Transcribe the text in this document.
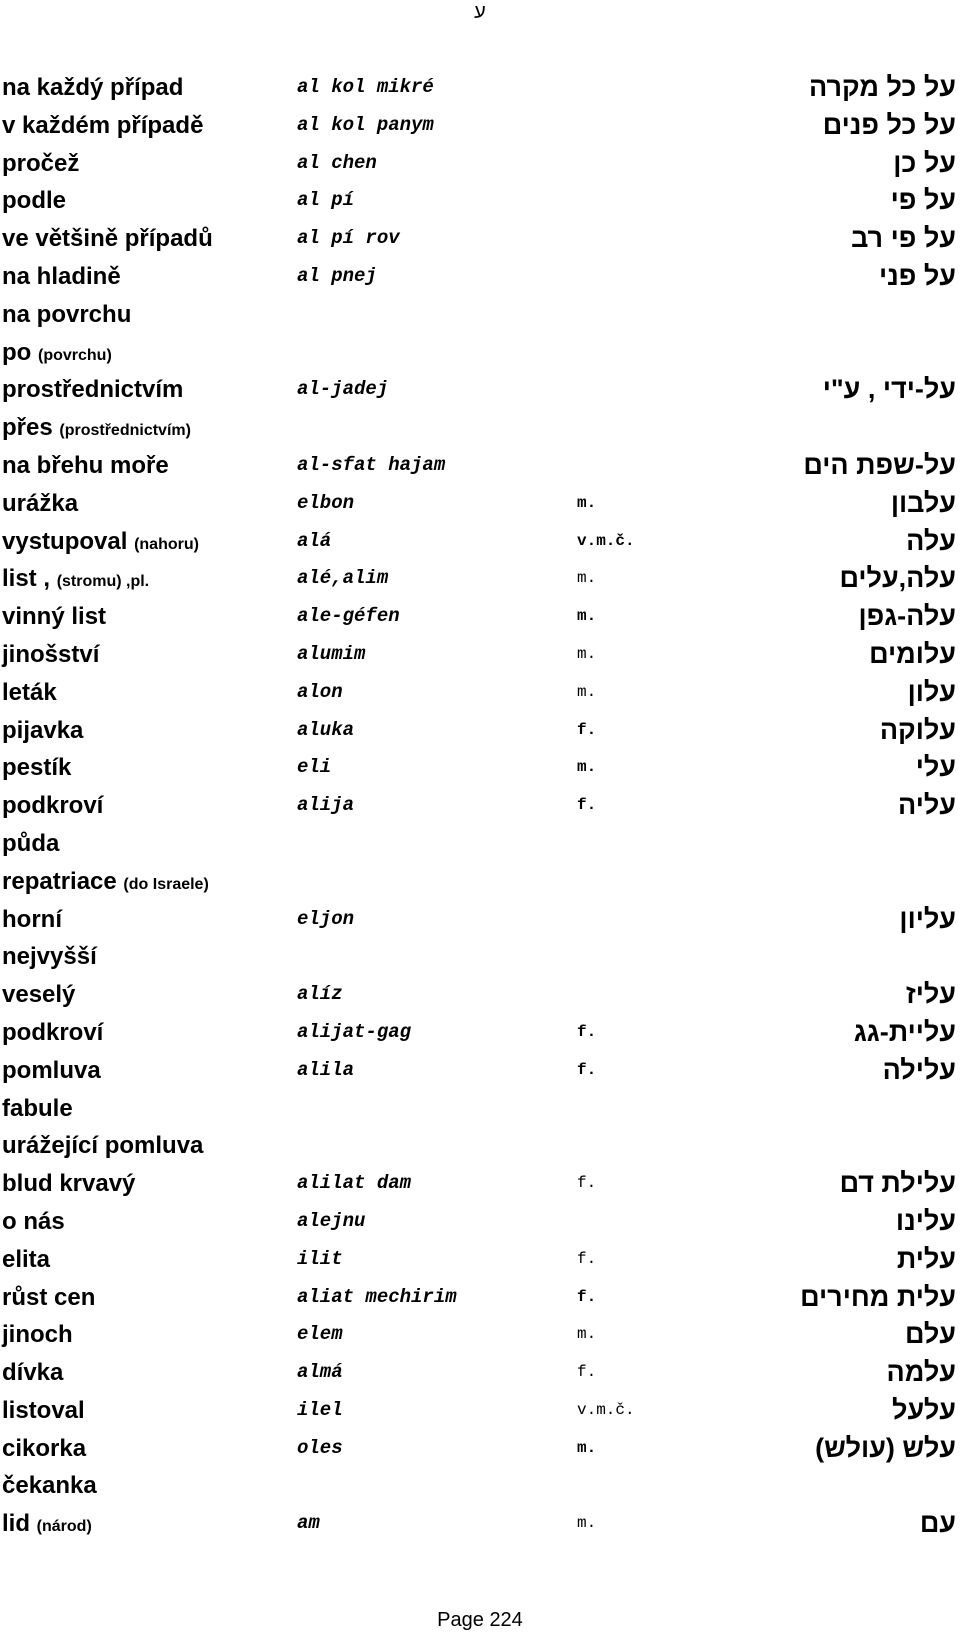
ע
na každý případ	al kol mikré	על כל מקרה
v každém případě	al kol panym	על כל פנים
pročež	al chen	על כן
podle	al pí	על פי
ve většině případů	al pí rov	על פי רב
na hladině	al pnej	על פני
na povrchu
po (povrchu)
prostřednictvím	al-jadej	על-ידי , ע"י
přes (prostřednictvím)
na břehu moře	al-sfat hajam	על-שפת הים
urážka	elbon	m.	עלבון
vystupoval (nahoru)	alá	v.m.č.	עלה
list , (stromu) ,pl.	alé,alim	m.	עלה,עלים
vinný list	ale-géfen	m.	עלה-גפן
jinošství	alumim	m.	עלומים
leták	alon	m.	עלון
pijavka	aluka	f.	עלוקה
pestík	eli	m.	עלי
podkroví	alija	f.	עליה
půda
repatriace (do Israele)
horní	eljon	עליון
nejvyšší
veselý	alíz	עליז
podkroví	alijat-gag	f.	עליית-גג
pomluva	alila	f.	עלילה
fabule
urážející pomluva
blud krvavý	alilat dam	f.	עלילת דם
o nás	alejnu	עלינו
elita	ilit	f.	עלית
růst cen	aliat mechirim	f.	עלית מחירים
jinoch	elem	m.	עלם
dívka	almá	f.	עלמה
listoval	ilel	v.m.č.	עלעל
cikorka	oles	m.	עלש (עולש)
čekanka
lid (národ)	am	m.	עם
Page 224
